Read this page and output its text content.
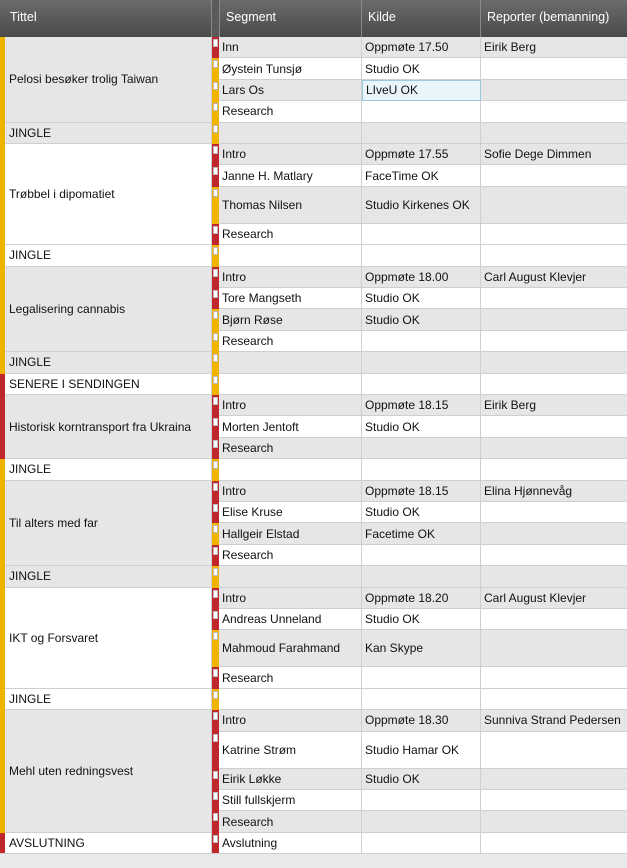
Tittel	Segment	Kilde	Reporter (bemanning)
Pelosi besøker trolig Taiwan
Inn	Oppmøte 17.50	Eirik Berg
Øystein Tunsjø	Studio OK
Lars Os	LIveU OK
Research
JINGLE
Trøbbel i dipomatiet
Intro	Oppmøte 17.55	Sofie Dege Dimmen
Janne H. Matlary	FaceTime OK
Thomas Nilsen	Studio Kirkenes OK
Research
JINGLE
Legalisering cannabis
Intro	Oppmøte 18.00	Carl August Klevjer
Tore Mangseth	Studio OK
Bjørn Røse	Studio OK
Research
JINGLE
SENERE I SENDINGEN
Historisk korntransport fra Ukraina
Intro	Oppmøte 18.15	Eirik Berg
Morten Jentoft	Studio OK
Research
JINGLE
Til alters med far
Intro	Oppmøte 18.15	Elina Hjønnevåg
Elise Kruse	Studio OK
Hallgeir Elstad	Facetime OK
Research
JINGLE
IKT og Forsvaret
Intro	Oppmøte 18.20	Carl August Klevjer
Andreas Unneland	Studio OK
Mahmoud Farahmand	Kan Skype
Research
JINGLE
Mehl uten redningsvest
Intro	Oppmøte 18.30	Sunniva Strand Pedersen
Katrine Strøm	Studio Hamar OK
Eirik Løkke	Studio OK
Still fullskjerm
Research
AVSLUTNING	Avslutning
